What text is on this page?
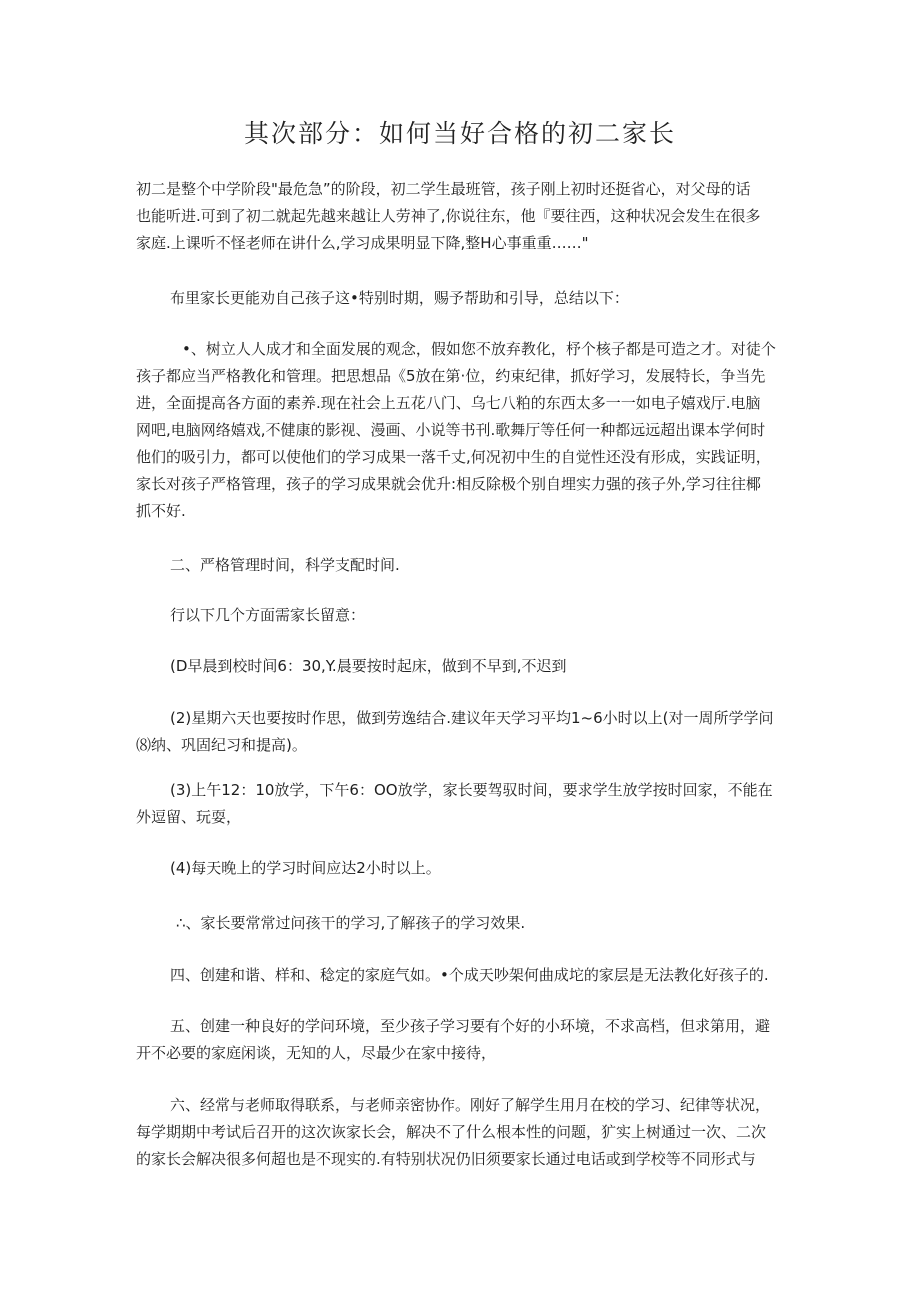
其次部分：如何当好合格的初二家长
初二是整个中学阶段"最危急”的阶段，初二学生最班管，孩子刚上初时还挺省心，对父母的话
也能听进.可到了初二就起先越来越让人劳神了,你说往东，他『要往西，这种状况会发生在很多
家庭.上课听不怪老师在讲什么,学习成果明显下降,整H心事重重……"
布里家长更能劝自己孩子这•特别时期，赐予帮助和引导，总结以下：
•、树立人人成才和全面发展的观念，假如您不放弃教化，杼个核子都是可造之才。对徒个
孩子都应当严格教化和管理。把思想品《5放在第·位，约束纪律，抓好学习，发展特长，争当先
进，全面提高各方面的素养.现在社会上五花八门、乌七八粕的东西太多一一如电子嬉戏厅.电脑
网吧,电脑网络嬉戏,不健康的影视、漫画、小说等书刊.歌舞厅等任何一种都远远超出课本学何时
他们的吸引力，都可以使他们的学习成果一落千丈,何况初中生的自觉性还没有形成，实践证明，
家长对孩子严格管理，孩子的学习成果就会优升:相反除极个别自埋实力强的孩子外,学习往往椰
抓不好.
二、严格管理时间，科学支配时间.
行以下几个方面需家长留意：
(D早晨到校时间6：30,Y.晨要按时起床，做到不早到,不迟到
(2)星期六天也要按时作思，做到劳逸结合.建议年天学习平均1~6小时以上(对一周所学学问
⑻纳、巩固纪习和提高)。
(3)上午12：10放学，下午6：OO放学，家长要驾驭时间，要求学生放学按时回家，不能在
外逗留、玩耍，
(4)每天晚上的学习时间应达2小时以上。
∴、家长要常常过问孩干的学习,了解孩子的学习效果.
四、创建和谐、样和、稔定的家庭气如。•个成天吵架何曲成坨的家层是无法教化好孩子的.
五、创建一种良好的学问环境，至少孩子学习要有个好的小环境，不求高档，但求第用，避
开不必要的家庭闲谈，无知的人，尽最少在家中接待，
六、经常与老师取得联系，与老师亲密协作。刚好了解学生用月在校的学习、纪律等状况，
每学期期中考试后召开的这次诙家长会，解决不了什么根本性的问题，犷实上树通过一次、二次
的家长会解决很多何超也是不现实的.有特别状况仍旧须要家长通过电话或到学校等不同形式与
